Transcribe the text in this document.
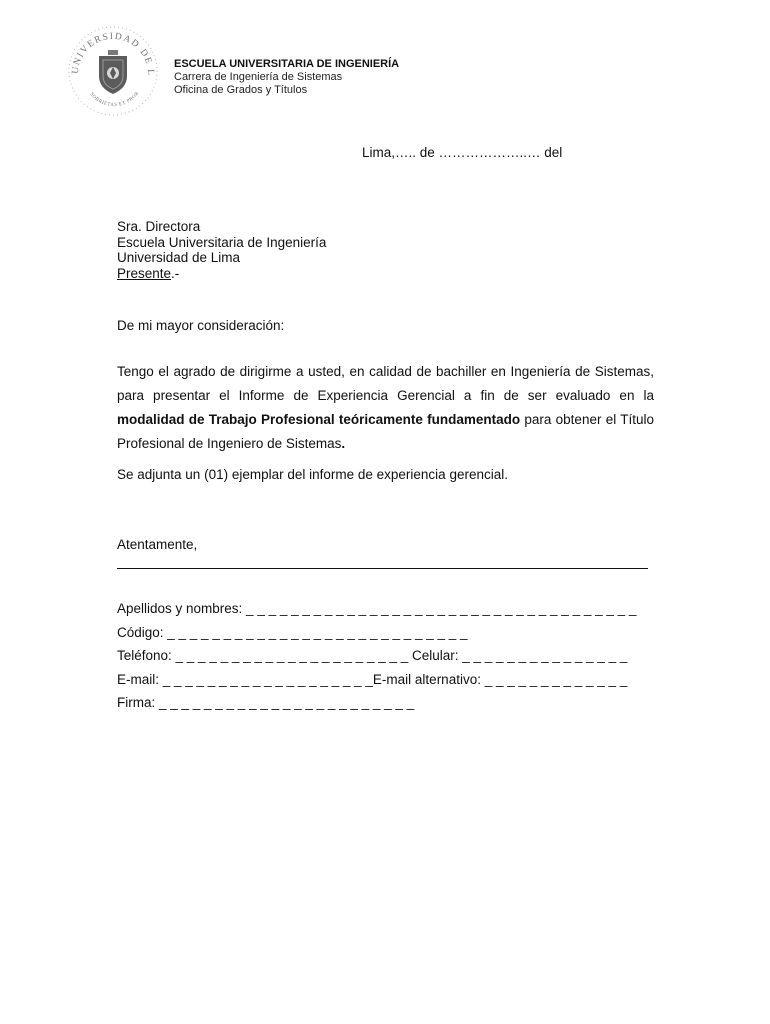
UNIVERSIDAD DE L
SOBRIETAS ET PROB
ESCUELA UNIVERSITARIA DE INGENIERÍA
Carrera de Ingeniería de Sistemas
Oficina de Grados y Títulos
Lima,….. de ………………..… del
Sra. Directora
Escuela Universitaria de Ingeniería
Universidad de Lima
Presente.-
De mi mayor consideración:
Tengo el agrado de dirigirme a usted, en calidad de bachiller en Ingeniería de Sistemas, para presentar el Informe de Experiencia Gerencial a fin de ser evaluado en la modalidad de Trabajo Profesional teóricamente fundamentado para obtener el Título Profesional de Ingeniero de Sistemas.
Se adjunta un (01) ejemplar del informe de experiencia gerencial.
Atentamente,
Apellidos y nombres: _ _ _ _ _ _ _ _ _ _ _ _ _ _ _ _ _ _ _ _ _ _ _ _ _ _ _ _ _ _ _ _ _ _ _
Código: _ _ _ _ _ _ _ _ _ _ _ _ _ _ _ _ _ _ _ _ _ _ _ _ _ _ _
Teléfono: _ _ _ _ _ _ _ _ _ _ _ _ _ _ _ _ _ _ _ _ _ Celular: _ _ _ _ _ _ _ _ _ _ _ _ _ _ _
E-mail: _ _ _ _ _ _ _ _ _ _ _ _ _ _ _ _ _ _ _E-mail alternativo: _ _ _ _ _ _ _ _ _ _ _ _ _
Firma: _ _ _ _ _ _ _ _ _ _ _ _ _ _ _ _ _ _ _ _ _ _ _
